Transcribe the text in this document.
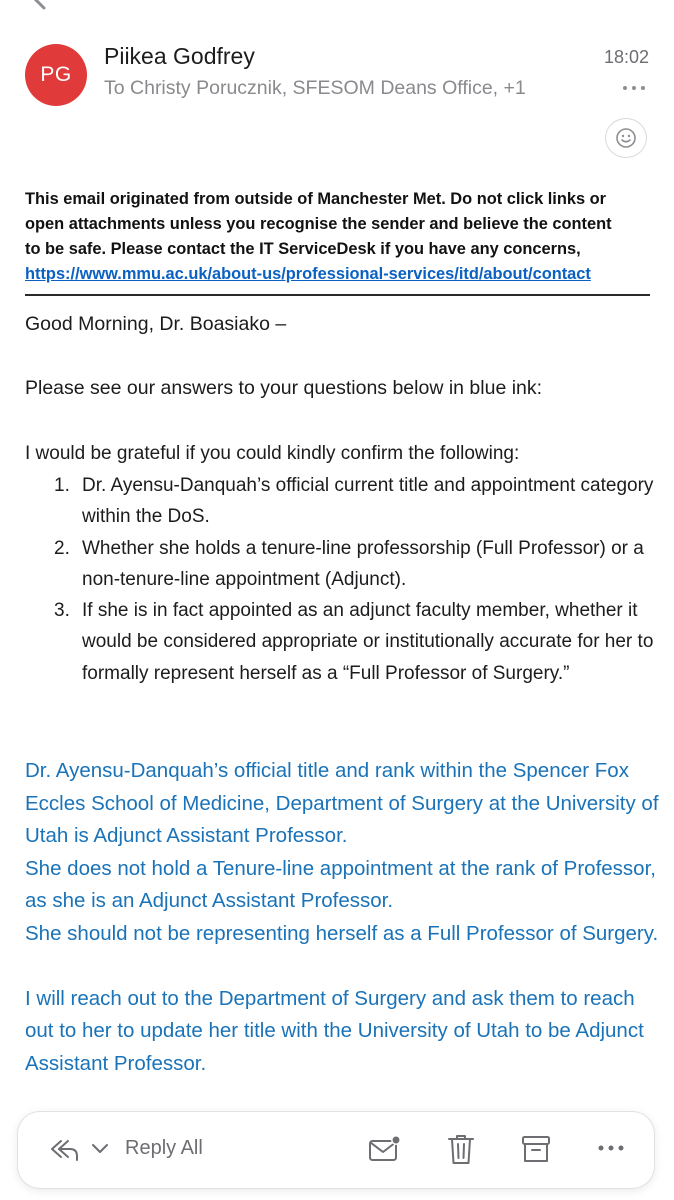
PG
Piikea Godfrey
To Christy Porucznik, SFESOM Deans Office, +1
18:02
This email originated from outside of Manchester Met. Do not click links or
open attachments unless you recognise the sender and believe the content
to be safe. Please contact the IT ServiceDesk if you have any concerns,
https://www.mmu.ac.uk/about-us/professional-services/itd/about/contact
Good Morning, Dr. Boasiako –
Please see our answers to your questions below in blue ink:
I would be grateful if you could kindly confirm the following:
1. Dr. Ayensu-Danquah’s official current title and appointment category within the DoS.
2. Whether she holds a tenure-line professorship (Full Professor) or a non-tenure-line appointment (Adjunct).
3. If she is in fact appointed as an adjunct faculty member, whether it would be considered appropriate or institutionally accurate for her to formally represent herself as a “Full Professor of Surgery.”

Dr. Ayensu-Danquah’s official title and rank within the Spencer Fox Eccles School of Medicine, Department of Surgery at the University of Utah is Adjunct Assistant Professor.

She does not hold a Tenure-line appointment at the rank of Professor, as she is an Adjunct Assistant Professor.

She should not be representing herself as a Full Professor of Surgery.

I will reach out to the Department of Surgery and ask them to reach out to her to update her title with the University of Utah to be Adjunct Assistant Professor.

Reply All
